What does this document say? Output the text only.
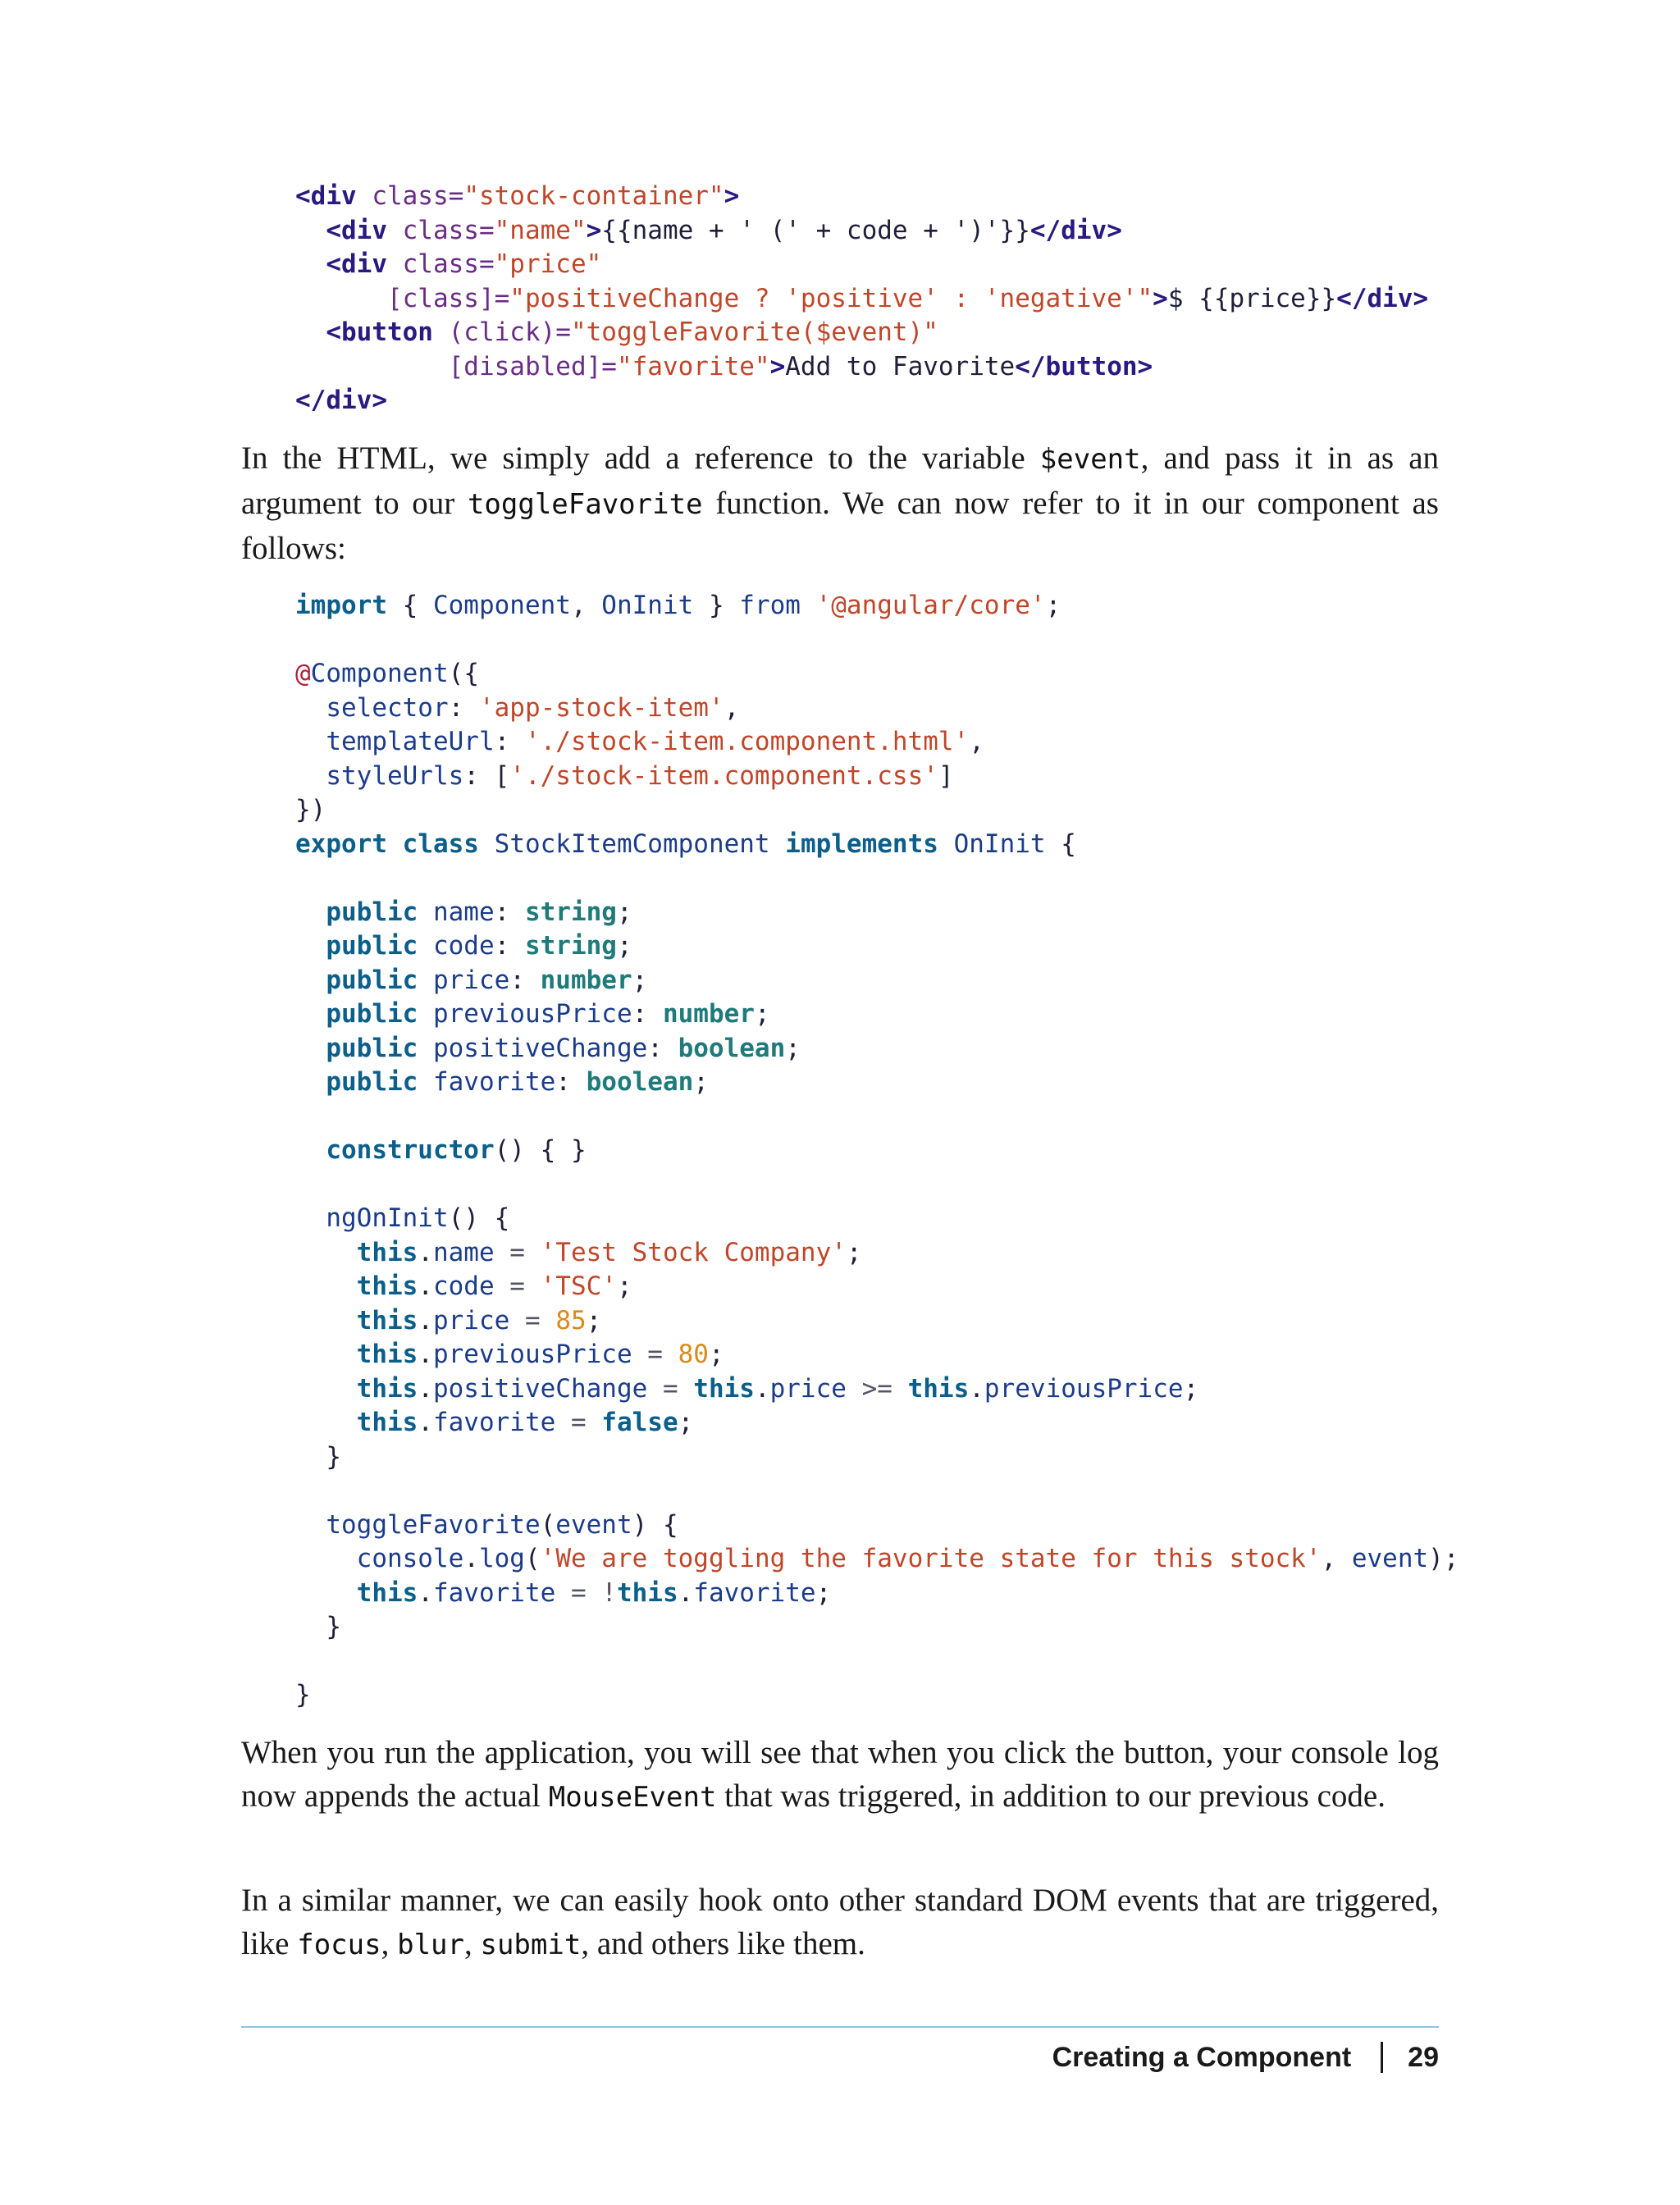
<div class="stock-container">
<div class="name">{{name + ' (' + code + ')'}}</div>
<div class="price"
[class]="positiveChange ? 'positive' : 'negative'">$ {{price}}</div>
<button (click)="toggleFavorite($event)"
[disabled]="favorite">Add to Favorite</button>
</div>

In the HTML, we simply add a reference to the variable $event, and pass it in as an argument to our toggleFavorite function. We can now refer to it in our component as follows:

import { Component, OnInit } from '@angular/core';

@Component({
selector: 'app-stock-item',
templateUrl: './stock-item.component.html',
styleUrls: ['./stock-item.component.css']
})
export class StockItemComponent implements OnInit {

public name: string;
public code: string;
public price: number;
public previousPrice: number;
public positiveChange: boolean;
public favorite: boolean;

constructor() { }

ngOnInit() {
this.name = 'Test Stock Company';
this.code = 'TSC';
this.price = 85;
this.previousPrice = 80;
this.positiveChange = this.price >= this.previousPrice;
this.favorite = false;
}

toggleFavorite(event) {
console.log('We are toggling the favorite state for this stock', event);
this.favorite = !this.favorite;
}

}

When you run the application, you will see that when you click the button, your console log now appends the actual MouseEvent that was triggered, in addition to our previous code.

In a similar manner, we can easily hook onto other standard DOM events that are triggered, like focus, blur, submit, and others like them.

Creating a Component 29
